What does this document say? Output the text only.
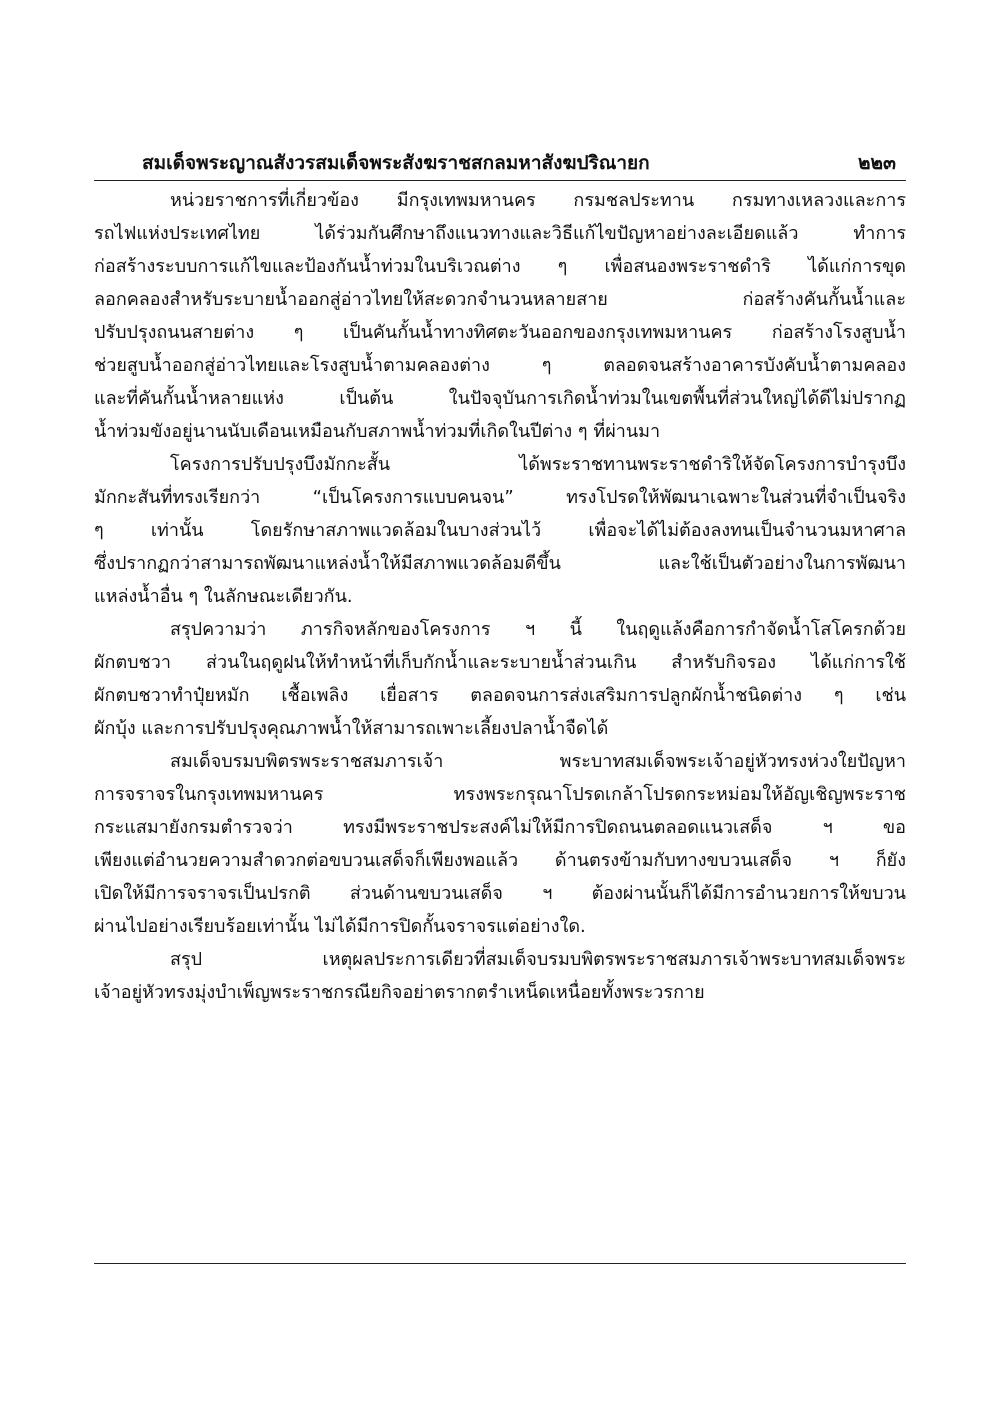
สมเด็จพระญาณสังวรสมเด็จพระสังฆราชสกลมหาสังฆปริณายก	๒๒๓
หน่วยราชการที่เกี่ยวข้อง มีกรุงเทพมหานคร กรมชลประทาน กรมทางเหลวงและการ
รถไฟแห่งประเทศไทย ได้ร่วมกันศึกษาถึงแนวทางและวิธีแก้ไขปัญหาอย่างละเอียดแล้ว ทำการ
ก่อสร้างระบบการแก้ไขและป้องกันน้ำท่วมในบริเวณต่าง ๆ เพื่อสนองพระราชดำริ ได้แก่การขุด
ลอกคลองสำหรับระบายน้ำออกสู่อ่าวไทยให้สะดวกจำนวนหลายสาย ก่อสร้างคันกั้นน้ำและ
ปรับปรุงถนนสายต่าง ๆ เป็นคันกั้นน้ำทางทิศตะวันออกของกรุงเทพมหานคร ก่อสร้างโรงสูบน้ำ
ช่วยสูบน้ำออกสู่อ่าวไทยและโรงสูบน้ำตามคลองต่าง ๆ ตลอดจนสร้างอาคารบังคับน้ำตามคลอง
และที่คันกั้นน้ำหลายแห่ง เป็นต้น ในปัจจุบันการเกิดน้ำท่วมในเขตพื้นที่ส่วนใหญ่ได้ดีไม่ปรากฏ
น้ำท่วมขังอยู่นานนับเดือนเหมือนกับสภาพน้ำท่วมที่เกิดในปีต่าง ๆ ที่ผ่านมา
โครงการปรับปรุงบึงมักกะสั้น ได้พระราชทานพระราชดำริให้จัดโครงการบำรุงบึง
มักกะสันที่ทรงเรียกว่า “เป็นโครงการแบบคนจน” ทรงโปรดให้พัฒนาเฉพาะในส่วนที่จำเป็นจริง
ๆ เท่านั้น โดยรักษาสภาพแวดล้อมในบางส่วนไว้ เพื่อจะได้ไม่ต้องลงทนเป็นจำนวนมหาศาล
ซึ่งปรากฏกว่าสามารถพัฒนาแหล่งน้ำให้มีสภาพแวดล้อมดีขึ้น และใช้เป็นตัวอย่างในการพัฒนา
แหล่งน้ำอื่น ๆ ในลักษณะเดียวกัน.
สรุปความว่า ภารกิจหลักของโครงการ ฯ นี้ ในฤดูแล้งคือการกำจัดน้ำโสโครกด้วย
ผักตบชวา ส่วนในฤดูฝนให้ทำหน้าที่เก็บกักน้ำและระบายน้ำส่วนเกิน สำหรับกิจรอง ได้แก่การใช้
ผักตบชวาทำปุ๋ยหมัก เชื้อเพลิง เยื่อสาร ตลอดจนการส่งเสริมการปลูกผักน้ำชนิดต่าง ๆ เช่น
ผักบุ้ง และการปรับปรุงคุณภาพน้ำให้สามารถเพาะเลี้ยงปลาน้ำจืดได้
สมเด็จบรมบพิตรพระราชสมภารเจ้า พระบาทสมเด็จพระเจ้าอยู่หัวทรงห่วงใยปัญหา
การจราจรในกรุงเทพมหานคร ทรงพระกรุณาโปรดเกล้าโปรดกระหม่อมให้อัญเชิญพระราช
กระแสมายังกรมตำรวจว่า ทรงมีพระราชประสงค์ไม่ให้มีการปิดถนนตลอดแนวเสด็จ ฯ ขอ
เพียงแต่อำนวยความสำดวกต่อขบวนเสด็จก็เพียงพอแล้ว ด้านตรงข้ามกับทางขบวนเสด็จ ฯ ก็ยัง
เปิดให้มีการจราจรเป็นปรกติ ส่วนด้านขบวนเสด็จ ฯ ต้องผ่านนั้นก็ได้มีการอำนวยการให้ขบวน
ผ่านไปอย่างเรียบร้อยเท่านั้น ไม่ได้มีการปิดกั้นจราจรแต่อย่างใด.
สรุป เหตุผลประการเดียวที่สมเด็จบรมบพิตรพระราชสมภารเจ้าพระบาทสมเด็จพระ
เจ้าอยู่หัวทรงมุ่งบำเพ็ญพระราชกรณียกิจอย่าตรากตรำเหน็ดเหนื่อยทั้งพระวรกาย
